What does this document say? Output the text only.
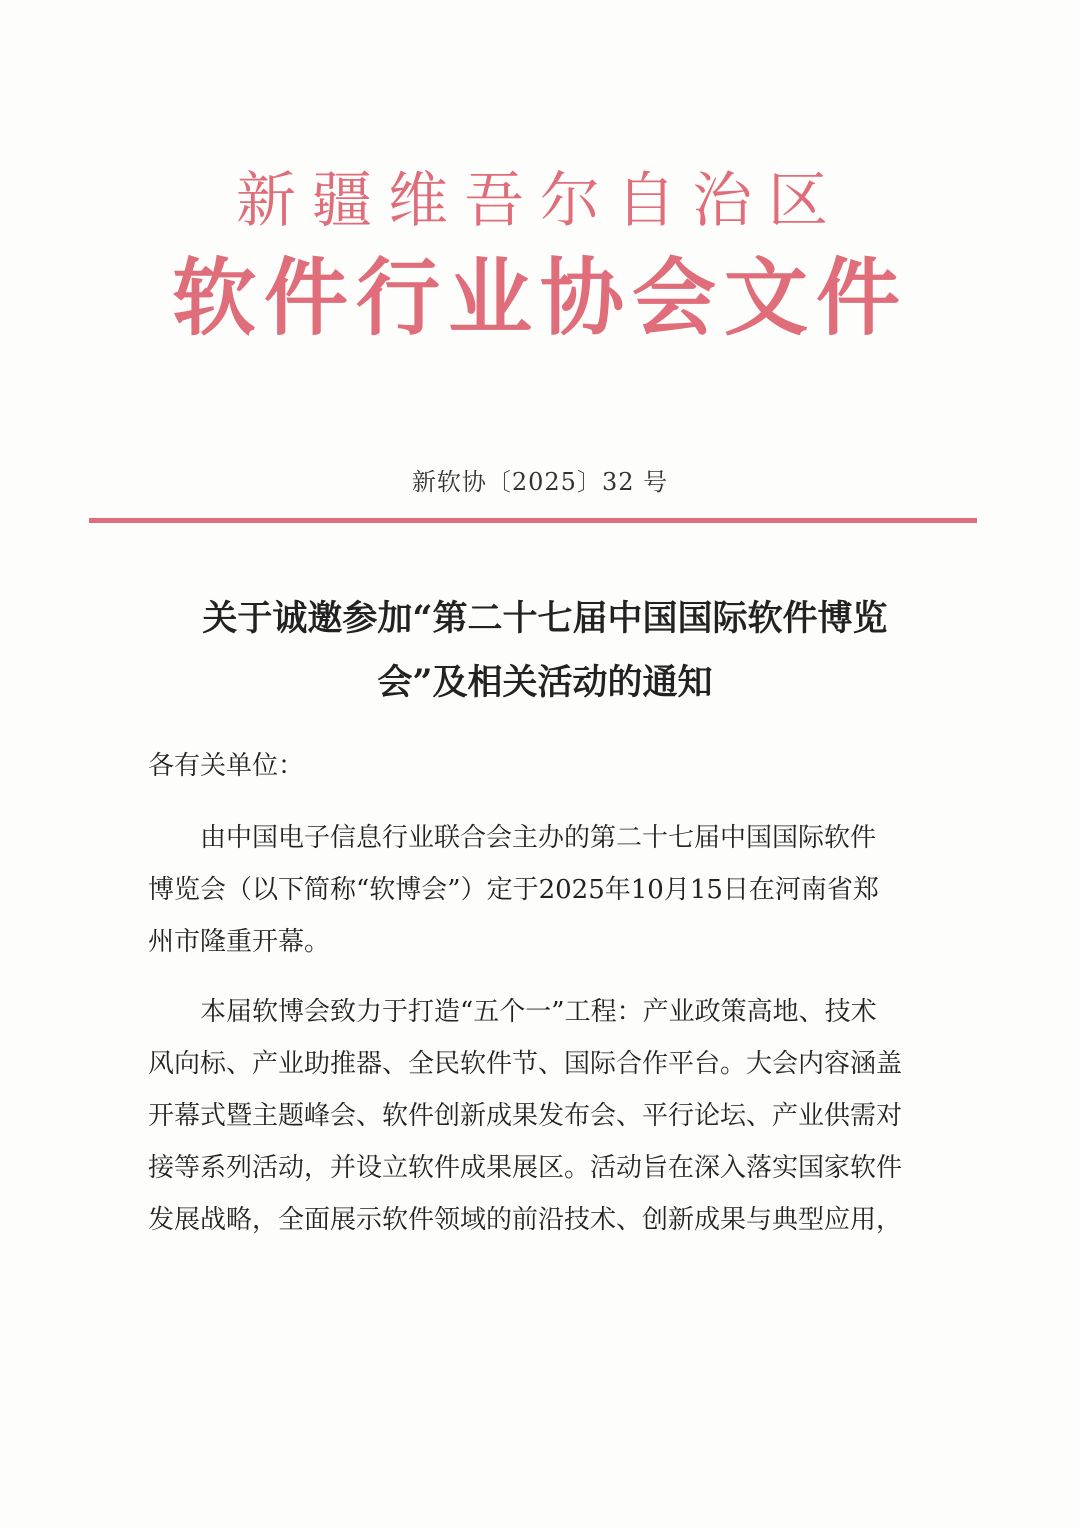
新疆维吾尔自治区
软件行业协会文件
新软协〔2025〕32 号
关于诚邀参加“第二十七届中国国际软件博览
会”及相关活动的通知
各有关单位：
　　由中国电子信息行业联合会主办的第二十七届中国国际软件
博览会（以下简称“软博会”）定于2025年10月15日在河南省郑
州市隆重开幕。
　　本届软博会致力于打造“五个一”工程：产业政策高地、技术
风向标、产业助推器、全民软件节、国际合作平台。大会内容涵盖
开幕式暨主题峰会、软件创新成果发布会、平行论坛、产业供需对
接等系列活动，并设立软件成果展区。活动旨在深入落实国家软件
发展战略，全面展示软件领域的前沿技术、创新成果与典型应用，
